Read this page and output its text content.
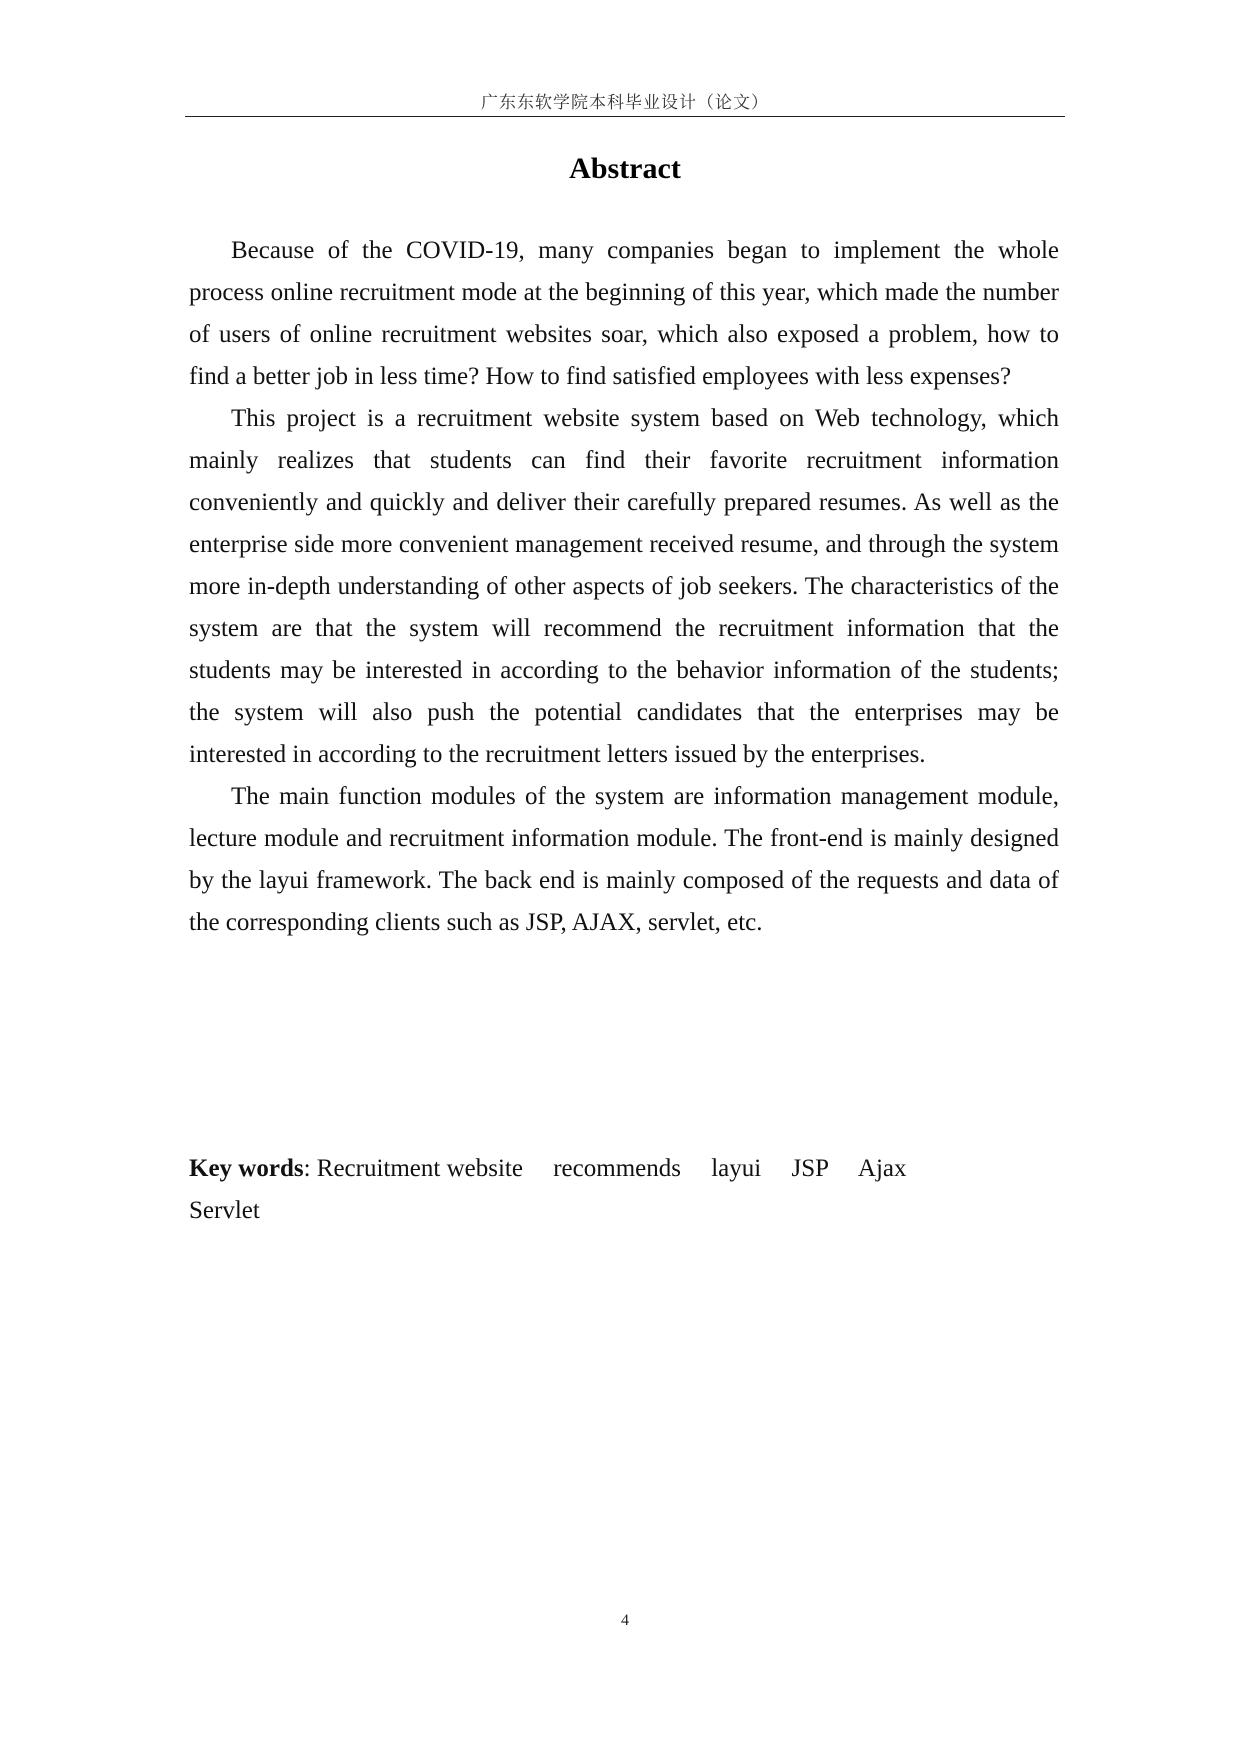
广东东软学院本科毕业设计（论文）
Abstract

Because of the COVID-19, many companies began to implement the whole process online recruitment mode at the beginning of this year, which made the number of users of online recruitment websites soar, which also exposed a problem, how to find a better job in less time? How to find satisfied employees with less expenses?

This project is a recruitment website system based on Web technology, which mainly realizes that students can find their favorite recruitment information conveniently and quickly and deliver their carefully prepared resumes. As well as the enterprise side more convenient management received resume, and through the system more in-depth understanding of other aspects of job seekers. The characteristics of the system are that the system will recommend the recruitment information that the students may be interested in according to the behavior information of the students; the system will also push the potential candidates that the enterprises may be interested in according to the recruitment letters issued by the enterprises.

The main function modules of the system are information management module, lecture module and recruitment information module. The front-end is mainly designed by the layui framework. The back end is mainly composed of the requests and data of the corresponding clients such as JSP, AJAX, servlet, etc.

Key words: Recruitment website recommends layui JSP Ajax Servlet
4
